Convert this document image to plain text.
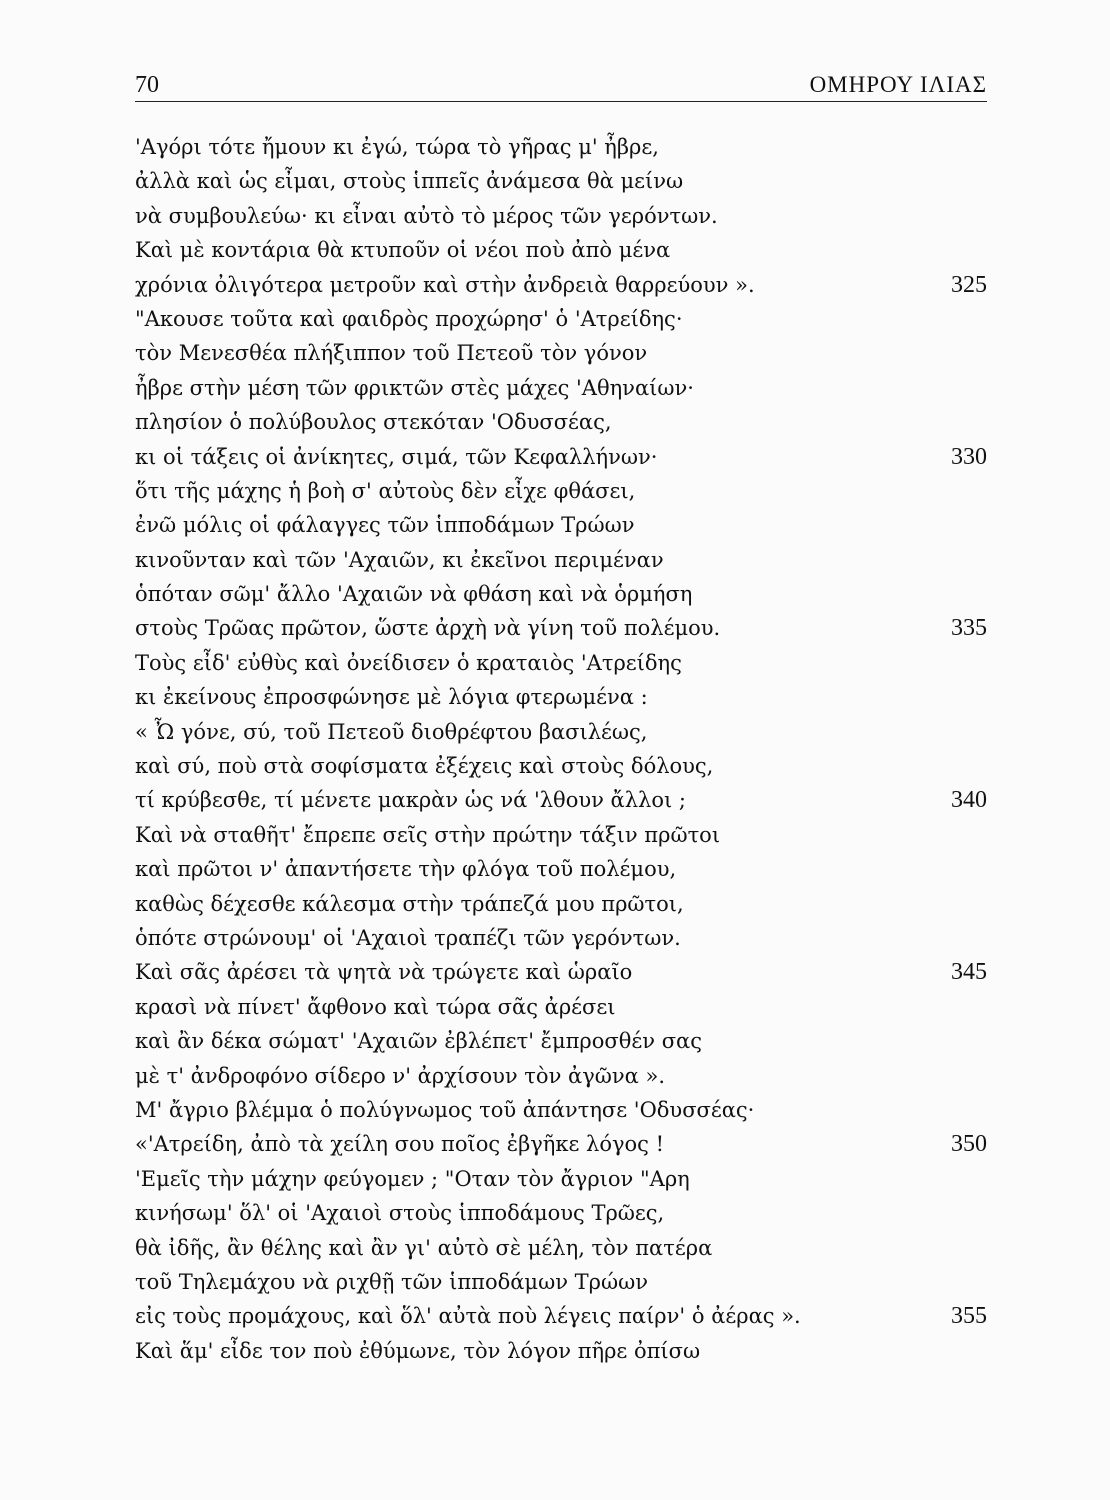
70	ΟΜΗΡΟΥ ΙΛΙΑΣ
'Αγόρι τότε ἤμουν κι ἐγώ, τώρα τὸ γῆρας μ' ἦβρε,
ἀλλὰ καὶ ὡς εἶμαι, στοὺς ἱππεῖς ἀνάμεσα θὰ μείνω
νὰ συμβουλεύω· κι εἶναι αὐτὸ τὸ μέρος τῶν γερόντων.
Καὶ μὲ κοντάρια θὰ κτυποῦν οἱ νέοι ποὺ ἀπὸ μένα
χρόνια ὀλιγότερα μετροῦν καὶ στὴν ἀνδρειὰ θαρρεύουν ».	325
"Ακουσε τοῦτα καὶ φαιδρὸς προχώρησ' ὁ 'Ατρείδης·
τὸν Μενεσθέα πλήξιππον τοῦ Πετεοῦ τὸν γόνον
ἦβρε στὴν μέση τῶν φρικτῶν στὲς μάχες 'Αθηναίων·
πλησίον ὁ πολύβουλος στεκόταν 'Οδυσσέας,
κι οἱ τάξεις οἱ ἀνίκητες, σιμά, τῶν Κεφαλλήνων·	330
ὅτι τῆς μάχης ἡ βοὴ σ' αὐτοὺς δὲν εἶχε φθάσει,
ἐνῶ μόλις οἱ φάλαγγες τῶν ἱπποδάμων Τρώων
κινοῦνταν καὶ τῶν 'Αχαιῶν, κι ἐκεῖνοι περιμέναν
ὁπόταν σῶμ' ἄλλο 'Αχαιῶν νὰ φθάση καὶ νὰ ὁρμήση
στοὺς Τρῶας πρῶτον, ὥστε ἀρχὴ νὰ γίνη τοῦ πολέμου.	335
Τοὺς εἶδ' εὐθὺς καὶ ὀνείδισεν ὁ κραταιὸς 'Ατρείδης
κι ἐκείνους ἐπροσφώνησε μὲ λόγια φτερωμένα :
« Ὦ γόνε, σύ, τοῦ Πετεοῦ διοθρέφτου βασιλέως,
καὶ σύ, ποὺ στὰ σοφίσματα ἐξέχεις καὶ στοὺς δόλους,
τί κρύβεσθε, τί μένετε μακρὰν ὡς νά 'λθουν ἄλλοι ;	340
Καὶ νὰ σταθῆτ' ἔπρεπε σεῖς στὴν πρώτην τάξιν πρῶτοι
καὶ πρῶτοι ν' ἀπαντήσετε τὴν φλόγα τοῦ πολέμου,
καθὼς δέχεσθε κάλεσμα στὴν τράπεζά μου πρῶτοι,
ὁπότε στρώνουμ' οἱ 'Αχαιοὶ τραπέζι τῶν γερόντων.
Καὶ σᾶς ἀρέσει τὰ ψητὰ νὰ τρώγετε καὶ ὡραῖο	345
κρασὶ νὰ πίνετ' ἄφθονο καὶ τώρα σᾶς ἀρέσει
καὶ ἂν δέκα σώματ' 'Αχαιῶν ἐβλέπετ' ἔμπροσθέν σας
μὲ τ' ἀνδροφόνο σίδερο ν' ἀρχίσουν τὸν ἀγῶνα ».
Μ' ἄγριο βλέμμα ὁ πολύγνωμος τοῦ ἀπάντησε 'Οδυσσέας·
«'Ατρείδη, ἀπὸ τὰ χείλη σου ποῖος ἐβγῆκε λόγος !	350
'Εμεῖς τὴν μάχην φεύγομεν ; "Οταν τὸν ἄγριον "Αρη
κινήσωμ' ὅλ' οἱ 'Αχαιοὶ στοὺς ἱπποδάμους Τρῶες,
θὰ ἰδῆς, ἂν θέλης καὶ ἂν γι' αὐτὸ σὲ μέλη, τὸν πατέρα
τοῦ Τηλεμάχου νὰ ριχθῇ τῶν ἱπποδάμων Τρώων
εἰς τοὺς προμάχους, καὶ ὅλ' αὐτὰ ποὺ λέγεις παίρν' ὁ ἀέρας ».	355
Καὶ ἅμ' εἶδε τον ποὺ ἐθύμωνε, τὸν λόγον πῆρε ὀπίσω
